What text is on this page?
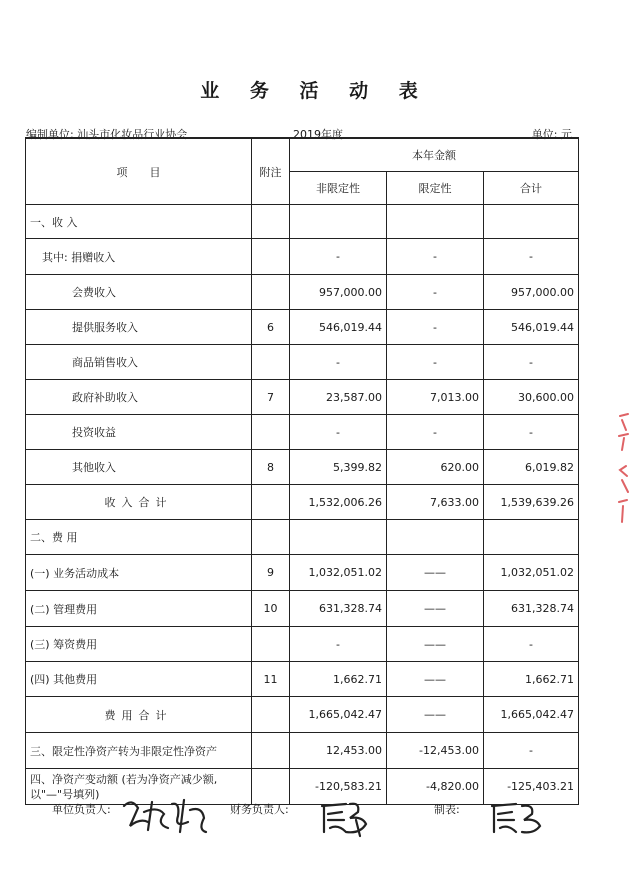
业 务 活 动 表
编制单位: 汕头市化妆品行业协会	2019年度	单位: 元
项　　目	附注	本年金额		
		非限定性	限定性	合计
一、收 入				
其中: 捐赠收入		-	-	-
会费收入		957,000.00	-	957,000.00
提供服务收入	6	546,019.44	-	546,019.44
商品销售收入		-	-	-
政府补助收入	7	23,587.00	7,013.00	30,600.00
投资收益		-	-	-
其他收入	8	5,399.82	620.00	6,019.82
收入合计		1,532,006.26	7,633.00	1,539,639.26
二、费 用				
(一) 业务活动成本	9	1,032,051.02	——	1,032,051.02
(二) 管理费用	10	631,328.74	——	631,328.74
(三) 筹资费用		-	——	-
(四) 其他费用	11	1,662.71	——	1,662.71
费用合计		1,665,042.47	——	1,665,042.47
三、限定性净资产转为非限定性净资产		12,453.00	-12,453.00	-
四、净资产变动额 (若为净资产减少额, 以"—"号填列)		-120,583.21	-4,820.00	-125,403.21
单位负责人:	财务负责人:	制表:
